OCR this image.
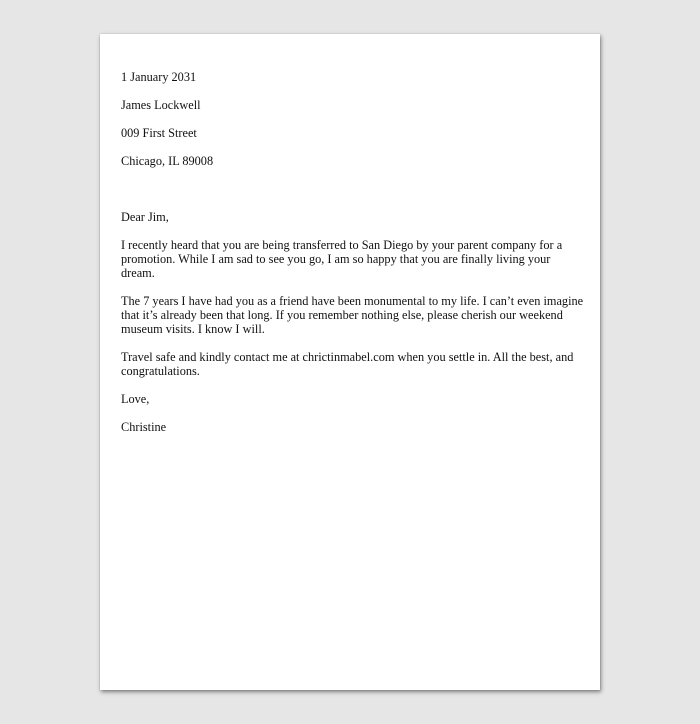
1 January 2031
James Lockwell
009 First Street
Chicago, IL 89008
Dear Jim,
I recently heard that you are being transferred to San Diego by your parent company for a
promotion. While I am sad to see you go, I am so happy that you are finally living your
dream.
The 7 years I have had you as a friend have been monumental to my life. I can’t even imagine
that it’s already been that long. If you remember nothing else, please cherish our weekend
museum visits. I know I will.
Travel safe and kindly contact me at chrictinmabel.com when you settle in. All the best, and
congratulations.
Love,
Christine
